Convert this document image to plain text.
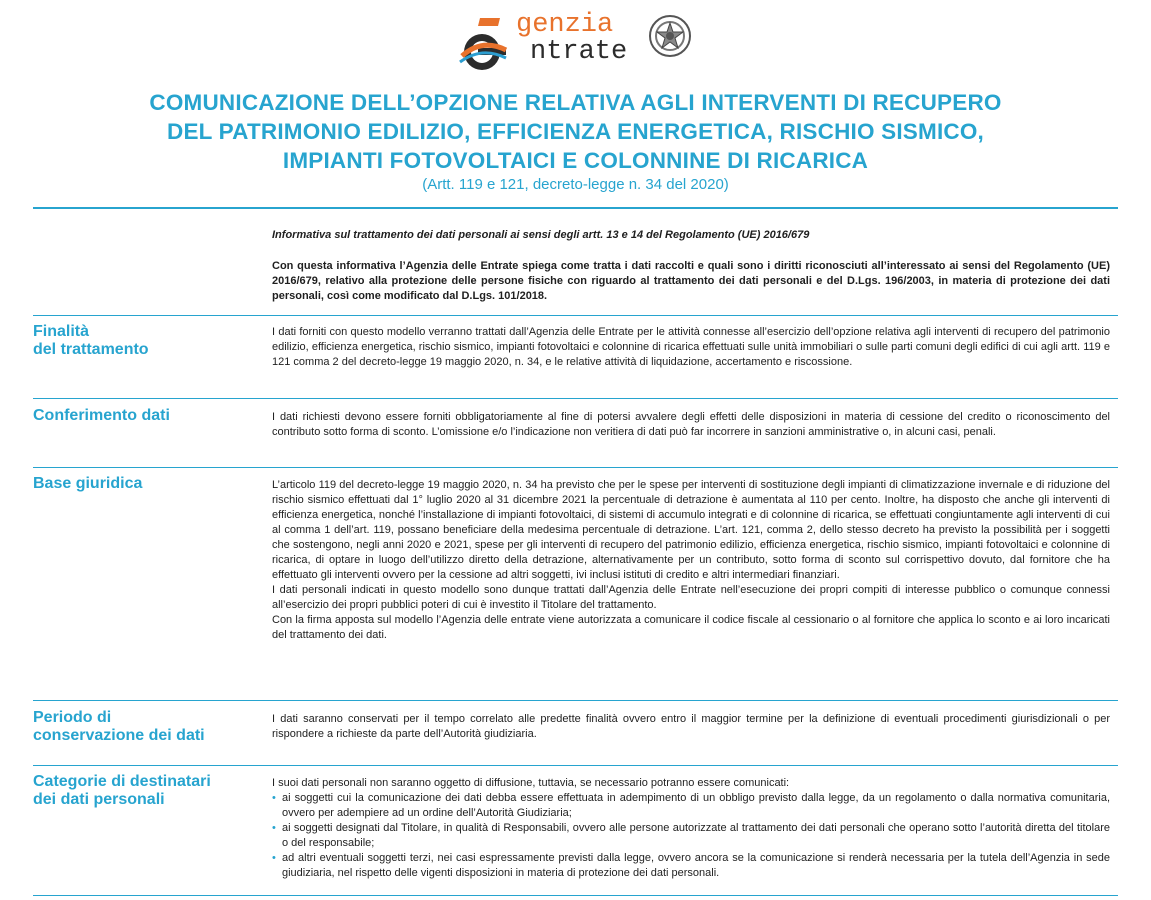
genzia
ntrate
COMUNICAZIONE DELL’OPZIONE RELATIVA AGLI INTERVENTI DI RECUPERO
DEL PATRIMONIO EDILIZIO, EFFICIENZA ENERGETICA, RISCHIO SISMICO,
IMPIANTI FOTOVOLTAICI E COLONNINE DI RICARICA
(Artt. 119 e 121, decreto-legge n. 34 del 2020)

Informativa sul trattamento dei dati personali ai sensi degli artt. 13 e 14 del Regolamento (UE) 2016/679

Con questa informativa l’Agenzia delle Entrate spiega come tratta i dati raccolti e quali sono i diritti riconosciuti all’interessato ai sensi del Regolamento (UE) 2016/679, relativo alla protezione delle persone fisiche con riguardo al trattamento dei dati personali e del D.Lgs. 196/2003, in materia di protezione dei dati personali, così come modificato dal D.Lgs. 101/2018.

Finalità
del trattamento
I dati forniti con questo modello verranno trattati dall’Agenzia delle Entrate per le attività connesse all’esercizio dell’opzione relativa agli interventi di recupero del patrimonio edilizio, efficienza energetica, rischio sismico, impianti fotovoltaici e colonnine di ricarica effettuati sulle unità immobiliari o sulle parti comuni degli edifici di cui agli artt. 119 e 121 comma 2 del decreto-legge 19 maggio 2020, n. 34, e le relative attività di liquidazione, accertamento e riscossione.
Conferimento dati	I dati richiesti devono essere forniti obbligatoriamente al fine di potersi avvalere degli effetti delle disposizioni in materia di cessione del credito o riconoscimento del contributo sotto forma di sconto. L’omissione e/o l’indicazione non veritiera di dati può far incorrere in sanzioni amministrative o, in alcuni casi, penali.
Base giuridica	L’articolo 119 del decreto-legge 19 maggio 2020, n. 34 ha previsto che per le spese per interventi di sostituzione degli impianti di climatizzazione invernale e di riduzione del rischio sismico effettuati dal 1° luglio 2020 al 31 dicembre 2021 la percentuale di detrazione è aumentata al 110 per cento. Inoltre, ha disposto che anche gli interventi di efficienza energetica, nonché l’installazione di impianti fotovoltaici, di sistemi di accumulo integrati e di colonnine di ricarica, se effettuati congiuntamente agli interventi di cui al comma 1 dell’art. 119, possano beneficiare della medesima percentuale di detrazione. L’art. 121, comma 2, dello stesso decreto ha previsto la possibilità per i soggetti che sostengono, negli anni 2020 e 2021, spese per gli interventi di recupero del patrimonio edilizio, efficienza energetica, rischio sismico, impianti fotovoltaici e colonnine di ricarica, di optare in luogo dell’utilizzo diretto della detrazione, alternativamente per un contributo, sotto forma di sconto sul corrispettivo dovuto, dal fornitore che ha effettuato gli interventi ovvero per la cessione ad altri soggetti, ivi inclusi istituti di credito e altri intermediari finanziari.

I dati personali indicati in questo modello sono dunque trattati dall’Agenzia delle Entrate nell’esecuzione dei propri compiti di interesse pubblico o comunque connessi all’esercizio dei propri pubblici poteri di cui è investito il Titolare del trattamento.

Con la firma apposta sul modello l’Agenzia delle entrate viene autorizzata a comunicare il codice fiscale al cessionario o al fornitore che applica lo sconto e ai loro incaricati del trattamento dei dati.

Periodo di
conservazione dei dati
I dati saranno conservati per il tempo correlato alle predette finalità ovvero entro il maggior termine per la definizione di eventuali procedimenti giurisdizionali o per rispondere a richieste da parte dell’Autorità giudiziaria.
Categorie di destinatari
dei dati personali

I suoi dati personali non saranno oggetto di diffusione, tuttavia, se necessario potranno essere comunicati:

• ai soggetti cui la comunicazione dei dati debba essere effettuata in adempimento di un obbligo previsto dalla legge, da un regolamento o dalla normativa comunitaria, ovvero per adempiere ad un ordine dell’Autorità Giudiziaria;
• ai soggetti designati dal Titolare, in qualità di Responsabili, ovvero alle persone autorizzate al trattamento dei dati personali che operano sotto l’autorità diretta del titolare o del responsabile;
• ad altri eventuali soggetti terzi, nei casi espressamente previsti dalla legge, ovvero ancora se la comunicazione si renderà necessaria per la tutela dell’Agenzia in sede giudiziaria, nel rispetto delle vigenti disposizioni in materia di protezione dei dati personali.
